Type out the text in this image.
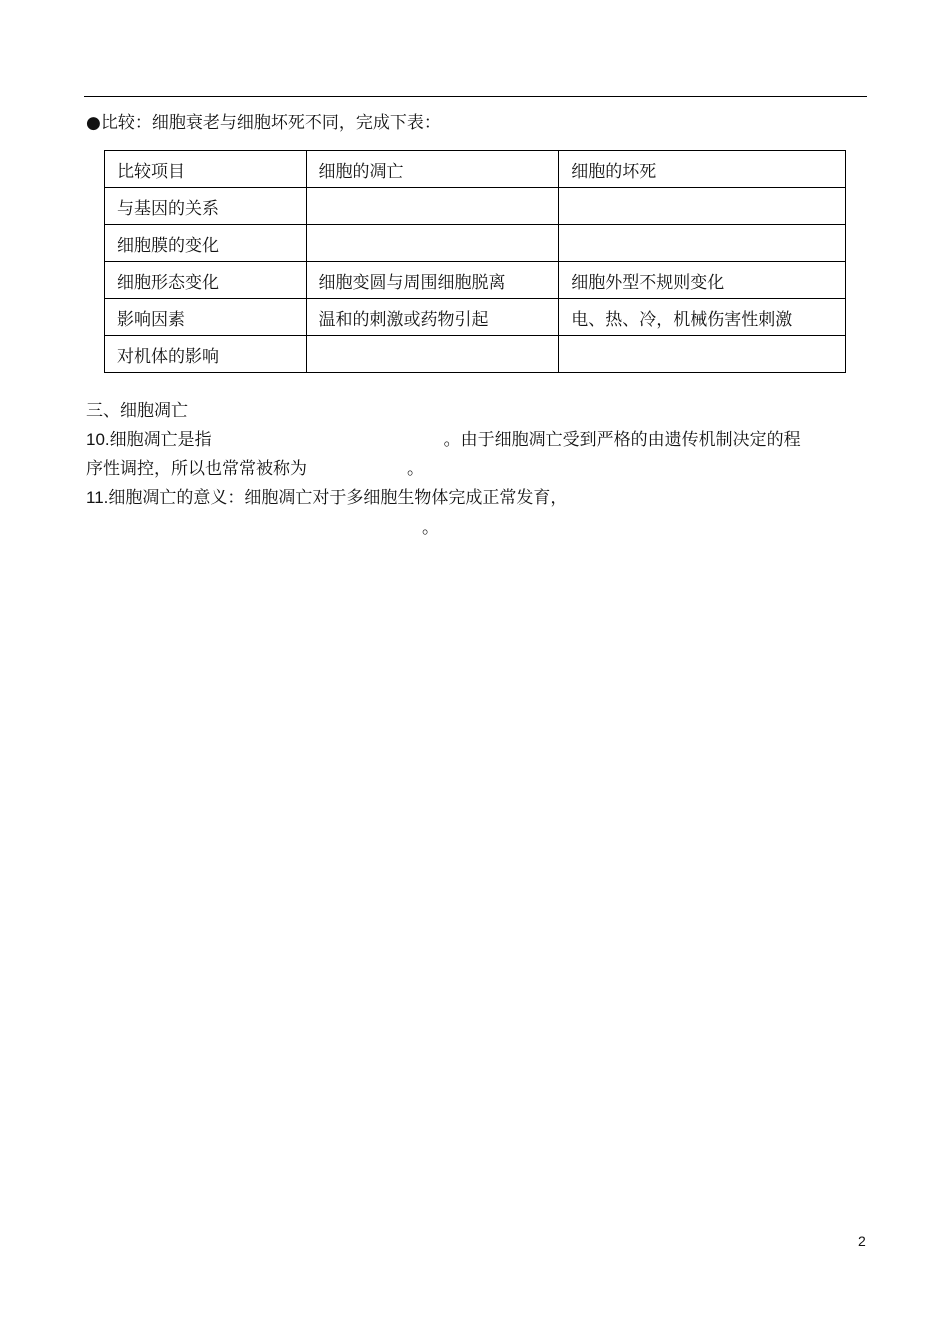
●比较：细胞衰老与细胞坏死不同，完成下表：
比较项目	细胞的凋亡	细胞的坏死
与基因的关系		
细胞膜的变化		
细胞形态变化	细胞变圆与周围细胞脱离	细胞外型不规则变化
影响因素	温和的刺激或药物引起	电、热、冷，机械伤害性刺激
对机体的影响		
三、细胞凋亡
10.细胞凋亡是指	。由于细胞凋亡受到严格的由遗传机制决定的程
序性调控，所以也常常被称为	。
11.细胞凋亡的意义：细胞凋亡对于多细胞生物体完成正常发育，
。
2
